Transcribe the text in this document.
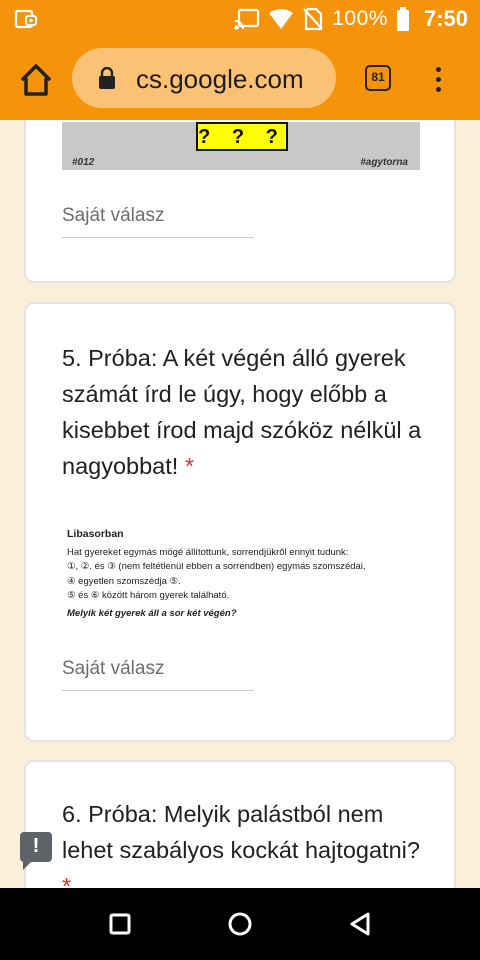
100% 7:50
cs.google.com	81
? ? ?
#012	#agytorna
Saját válasz
5. Próba: A két végén álló gyerek számát írd le úgy, hogy előbb a kisebbet írod majd szóköz nélkül a nagyobbat! *
Libasorban
Hat gyereket egymás mögé állítottunk, sorrendjükről ennyit tudunk:
①, ②. és ③ (nem feltétlenül ebben a sorrendben) egymás szomszédai,
④ egyetlen szomszédja ⑤.
⑤ és ⑥ között három gyerek található.
Melyik két gyerek áll a sor két végén?
Saját válasz
6. Próba: Melyik palástból nem lehet szabályos kockát hajtogatni? *
!
